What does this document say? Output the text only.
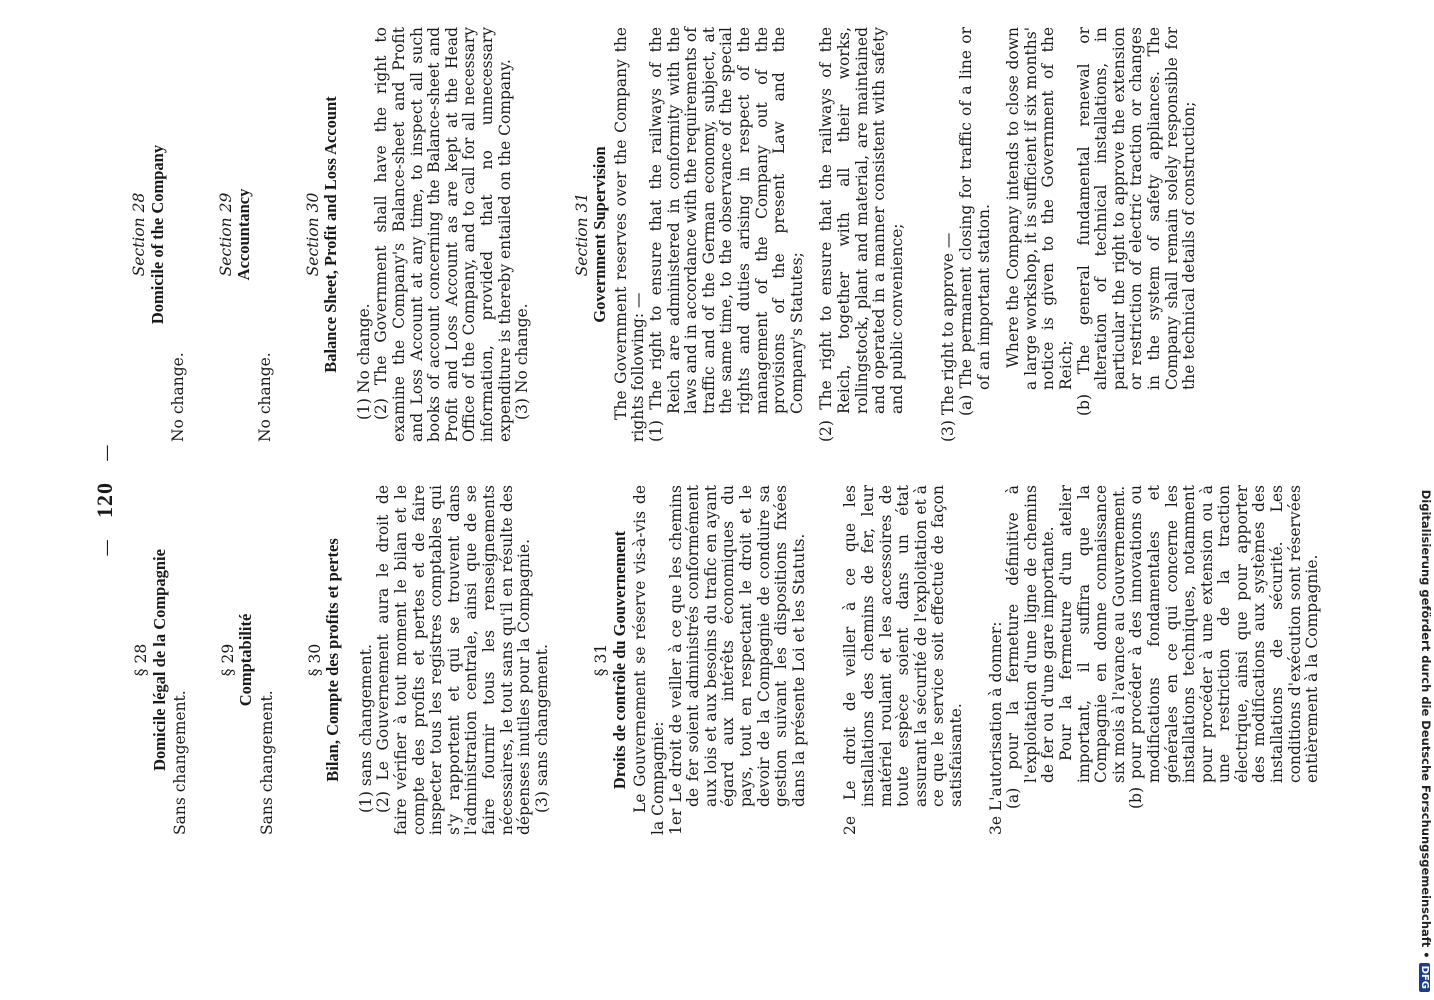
— 120 —
§ 28 Domicile légal de la Compagnie Sans changement.

§ 29 Comptabilité

Sans changement.

§ 30 Bilan, Compte des profits et pertes (1) sans changement. (2) Le Gouvernement aura le droit de faire vérifier à tout moment le bilan et le compte des profits et pertes et de faire inspecter tous les registres comptables qui s'y rapportent et qui se trouvent dans l'administration centrale, ainsi que de se faire fournir tous les renseignements nécessaires, le tout sans qu'il en résulte des dépenses inutiles pour la Compagnie. (3) sans changement.	§ 31 Droits de contrôle du Gouvernement Le Gouvernement se réserve vis-à-vis de la Compagnie: 1er Le droit de veiller à ce que les chemins de fer soient administrés conformément aux lois et aux besoins du trafic en ayant égard aux intérêts économiques du pays, tout en respectant le droit et le devoir de la Compagnie de conduire sa gestion suivant les dispositions fixées dans la présente Loi et les Statuts. 2e Le droit de veiller à ce que les installations des chemins de fer, leur matériel roulant et les accessoires de toute espèce soient dans un état assurant la sécurité de l'exploitation et à ce que le service soit effectué de façon satisfaisante. 3e L'autorisation à donner: (a) pour la fermeture définitive à l'exploitation d'une ligne de chemins de fer ou d'une gare importante. Pour la fermeture d'un atelier important, il suffira que la Compagnie en donne connaissance six mois à l'avance au Gouvernement. (b) pour procéder à des innovations ou modifications fondamentales et générales en ce qui concerne les installations techniques, notamment pour procéder à une extension ou à une restriction de la traction électrique, ainsi que pour apporter des modifications aux systèmes des installations de sécurité. Les conditions d'exécution sont réservées entièrement à la Compagnie.

Section 28 Domicile of the Company

No change.

Section 29 Accountancy

No change.

Section 30 Balance Sheet, Profit and Loss Account (1) No change. (2) The Government shall have the right to examine the Company's Balance-sheet and Profit and Loss Account at any time, to inspect all such books of account concerning the Balance-sheet and Profit and Loss Account as are kept at the Head Office of the Company, and to call for all necessary information, provided that no unnecessary expenditure is thereby entailed on the Company. (3) No change.

Section 31 Government Supervision The Government reserves over the Company the rights following: — (1) The right to ensure that the railways of the Reich are administered in conformity with the laws and in accordance with the requirements of traffic and of the German economy, subject, at the same time, to the observance of the special rights and duties arising in respect of the management of the Company out of the provisions of the present Law and the Company's Statutes; (2) The right to ensure that the railways of the Reich, together with all their works, rollingstock, plant and material, are maintained and operated in a manner consistent with safety and public convenience; (3) The right to approve — (a) The permanent closing for traffic of a line or of an important station. Where the Company intends to close down a large workshop, it is sufficient if six months' notice is given to the Government of the Reich; (b) The general fundamental renewal or alteration of technical installations, in particular the right to approve the extension or restriction of electric traction or changes in the system of safety appliances. The Company shall remain solely responsible for the technical details of construction;

Digitalisierung gefördert durch die Deutsche Forschungsgemeinschaft • DFG
